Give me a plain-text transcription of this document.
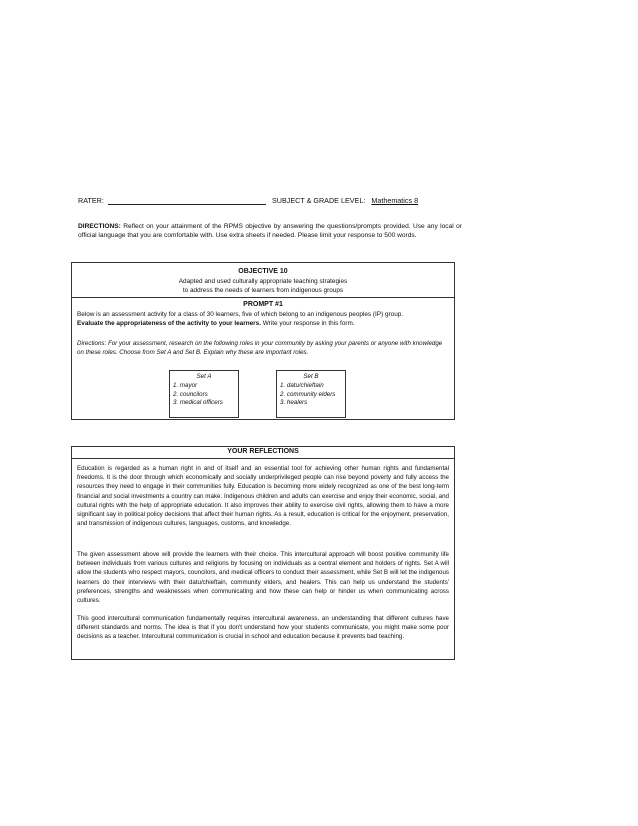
RATER:	SUBJECT & GRADE LEVEL: Mathematics 8
DIRECTIONS: Reflect on your attainment of the RPMS objective by answering the questions/prompts provided. Use any local or official language that you are comfortable with. Use extra sheets if needed. Please limit your response to 500 words.
OBJECTIVE 10
Adapted and used culturally appropriate teaching strategies
to address the needs of learners from indigenous groups
PROMPT #1
Below is an assessment activity for a class of 30 learners, five of which belong to an indigenous peoples (IP) group.
Evaluate the appropriateness of the activity to your learners. Write your response in this form.
Directions: For your assessment, research on the following roles in your community by asking your parents or anyone with knowledge on these roles. Choose from Set A and Set B. Explain why these are important roles.
Set A
1. mayor
2. councilors
3. medical officers
Set B
1. datu/chieftain
2. community elders
3. healers
YOUR REFLECTIONS
Education is regarded as a human right in and of itself and an essential tool for achieving other human rights and fundamental freedoms. It is the door through which economically and socially underprivileged people can rise beyond poverty and fully access the resources they need to engage in their communities fully. Education is becoming more widely recognized as one of the best long-term financial and social investments a country can make. Indigenous children and adults can exercise and enjoy their economic, social, and cultural rights with the help of appropriate education. It also improves their ability to exercise civil rights, allowing them to have a more significant say in political policy decisions that affect their human rights. As a result, education is critical for the enjoyment, preservation, and transmission of indigenous cultures, languages, customs, and knowledge.
The given assessment above will provide the learners with their choice. This intercultural approach will boost positive community life between individuals from various cultures and religions by focusing on individuals as a central element and holders of rights. Set A will allow the students who respect mayors, councilors, and medical officers to conduct their assessment, while Set B will let the indigenous learners do their interviews with their datu/chieftain, community elders, and healers. This can help us understand the students' preferences, strengths and weaknesses when communicating and how these can help or hinder us when communicating across cultures.
This good intercultural communication fundamentally requires intercultural awareness, an understanding that different cultures have different standards and norms. The idea is that if you don't understand how your students communicate, you might make some poor decisions as a teacher. Intercultural communication is crucial in school and education because it prevents bad teaching.
